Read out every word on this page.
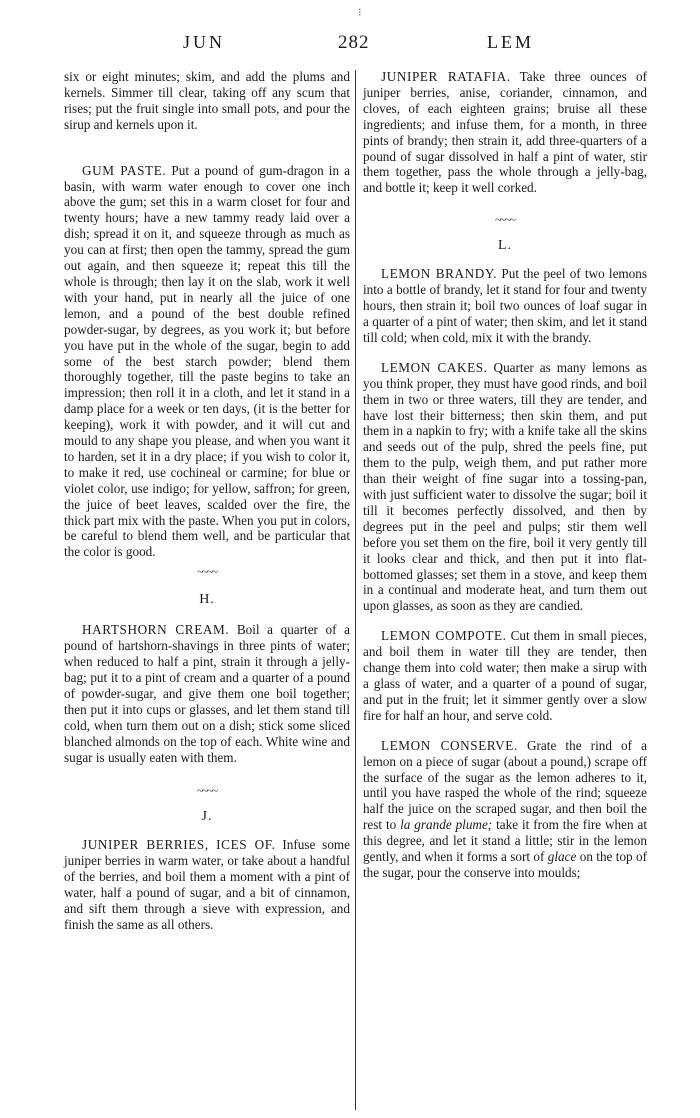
⁝
JUN	282	LEM

six or eight minutes; skim, and add the plums and kernels. Simmer till clear, taking off any scum that rises; put the fruit single into small pots, and pour the sirup and kernels upon it.

GUM PASTE. Put a pound of gum-dragon in a basin, with warm water enough to cover one inch above the gum; set this in a warm closet for four and twenty hours; have a new tammy ready laid over a dish; spread it on it, and squeeze through as much as you can at first; then open the tammy, spread the gum out again, and then squeeze it; repeat this till the whole is through; then lay it on the slab, work it well with your hand, put in nearly all the juice of one lemon, and a pound of the best double refined powder-sugar, by degrees, as you work it; but before you have put in the whole of the sugar, begin to add some of the best starch powder; blend them thoroughly together, till the paste begins to take an impression; then roll it in a cloth, and let it stand in a damp place for a week or ten days, (it is the better for keeping), work it with powder, and it will cut and mould to any shape you please, and when you want it to harden, set it in a dry place; if you wish to color it, to make it red, use cochineal or carmine; for blue or violet color, use indigo; for yellow, saffron; for green, the juice of beet leaves, scalded over the fire, the thick part mix with the paste. When you put in colors, be careful to blend them well, and be particular that the color is good.

~~~~
H.

HARTSHORN CREAM. Boil a quarter of a pound of hartshorn-shavings in three pints of water; when reduced to half a pint, strain it through a jelly-bag; put it to a pint of cream and a quarter of a pound of powder-sugar, and give them one boil together; then put it into cups or glasses, and let them stand till cold, when turn them out on a dish; stick some sliced blanched almonds on the top of each. White wine and sugar is usually eaten with them.

~~~~
J.

JUNIPER BERRIES, ICES OF. Infuse some juniper berries in warm water, or take about a handful of the berries, and boil them a moment with a pint of water, half a pound of sugar, and a bit of cinnamon, and sift them through a sieve with expression, and finish the same as all others.

JUNIPER RATAFIA. Take three ounces of juniper berries, anise, coriander, cinnamon, and cloves, of each eighteen grains; bruise all these ingredients; and infuse them, for a month, in three pints of brandy; then strain it, add three-quarters of a pound of sugar dissolved in half a pint of water, stir them together, pass the whole through a jelly-bag, and bottle it; keep it well corked.

~~~~
L.

LEMON BRANDY. Put the peel of two lemons into a bottle of brandy, let it stand for four and twenty hours, then strain it; boil two ounces of loaf sugar in a quarter of a pint of water; then skim, and let it stand till cold; when cold, mix it with the brandy.

LEMON CAKES. Quarter as many lemons as you think proper, they must have good rinds, and boil them in two or three waters, till they are tender, and have lost their bitterness; then skin them, and put them in a napkin to fry; with a knife take all the skins and seeds out of the pulp, shred the peels fine, put them to the pulp, weigh them, and put rather more than their weight of fine sugar into a tossing-pan, with just sufficient water to dissolve the sugar; boil it till it becomes perfectly dissolved, and then by degrees put in the peel and pulps; stir them well before you set them on the fire, boil it very gently till it looks clear and thick, and then put it into flat-bottomed glasses; set them in a stove, and keep them in a continual and moderate heat, and turn them out upon glasses, as soon as they are candied.

LEMON COMPOTE. Cut them in small pieces, and boil them in water till they are tender, then change them into cold water; then make a sirup with a glass of water, and a quarter of a pound of sugar, and put in the fruit; let it simmer gently over a slow fire for half an hour, and serve cold.

LEMON CONSERVE. Grate the rind of a lemon on a piece of sugar (about a pound,) scrape off the surface of the sugar as the lemon adheres to it, until you have rasped the whole of the rind; squeeze half the juice on the scraped sugar, and then boil the rest to la grande plume; take it from the fire when at this degree, and let it stand a little; stir in the lemon gently, and when it forms a sort of glace on the top of the sugar, pour the conserve into moulds;
